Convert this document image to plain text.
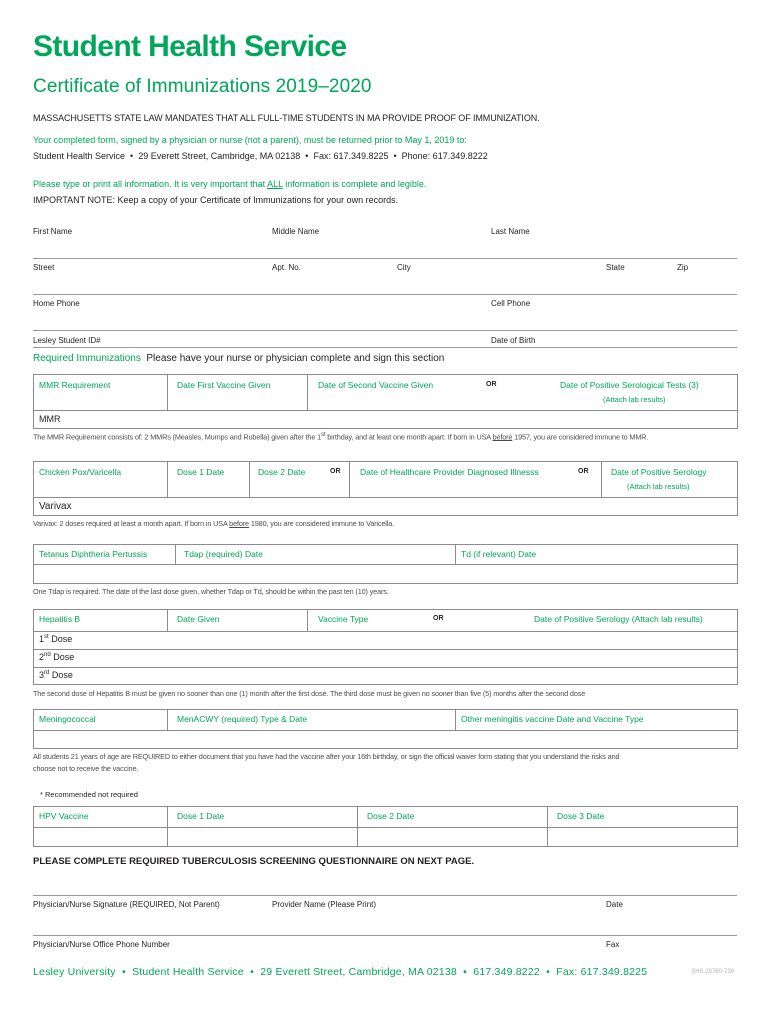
Student Health Service
Certificate of Immunizations 2019–2020
MASSACHUSETTS STATE LAW MANDATES THAT ALL FULL-TIME STUDENTS IN MA PROVIDE PROOF OF IMMUNIZATION.
Your completed form, signed by a physician or nurse (not a parent), must be returned prior to May 1, 2019 to:
Student Health Service  •  29 Everett Street, Cambridge, MA 02138  •  Fax: 617.349.8225  •  Phone: 617.349.8222
Please type or print all information. It is very important that ALL information is complete and legible.
IMPORTANT NOTE: Keep a copy of your Certificate of Immunizations for your own records.
First Name	Middle Name	Last Name
Street	Apt. No.	City	State	Zip
Home Phone	Cell Phone
Lesley Student ID#	Date of Birth
Required Immunizations Please have your nurse or physician complete and sign this section
MMR Requirement	Date First Vaccine Given	Date of Second Vaccine Given	OR	Date of Positive Serological Tests (3)
(Attach lab results)
MMR
The MMR Requirement consists of: 2 MMRs (Measles, Mumps and Rubella) given after the 1st birthday, and at least one month apart. If born in USA before 1957, you are considered immune to MMR.
Chicken Pox/Varicella	Dose 1 Date	Dose 2 Date	OR Date of Healthcare Provider Diagnosed Illnesss	OR	Date of Positive Serology
(Attach lab results)
Varivax
Varivax: 2 doses required at least a month apart. If born in USA before 1980, you are considered immune to Varicella.
Tetanus Diphtheria Pertussis	Tdap (required) Date	Td (if relevant) Date
One Tdap is required. The date of the last dose given, whether Tdap or Td, should be within the past ten (10) years.
Hepatitis B	Date Given	Vaccine Type	OR	Date of Positive Serology (Attach lab results)
1st Dose
2nd Dose
3rd Dose
The second dose of Hepatitis B must be given no sooner than one (1) month after the first dose. The third dose must be given no sooner than five (5) months after the second dose
Meningococcal	MenACWY (required) Type & Date	Other meningitis vaccine Date and Vaccine Type
All students 21 years of age are REQUIRED to either document that you have had the vaccine after your 16th birthday, or sign the official waiver form stating that you understand the risks and
choose not to receive the vaccine.
* Recommended not required
HPV Vaccine	Dose 1 Date	Dose 2 Date	Dose 3 Date
PLEASE COMPLETE REQUIRED TUBERCULOSIS SCREENING QUESTIONNAIRE ON NEXT PAGE.
Physician/Nurse Signature (REQUIRED, Not Parent)	Provider Name (Please Print)	Date
Physician/Nurse Office Phone Number	Fax
Lesley University  •  Student Health Service  •  29 Everett Street, Cambridge, MA 02138  •  617.349.8222  •  Fax: 617.349.8225	SHS.20760-739
